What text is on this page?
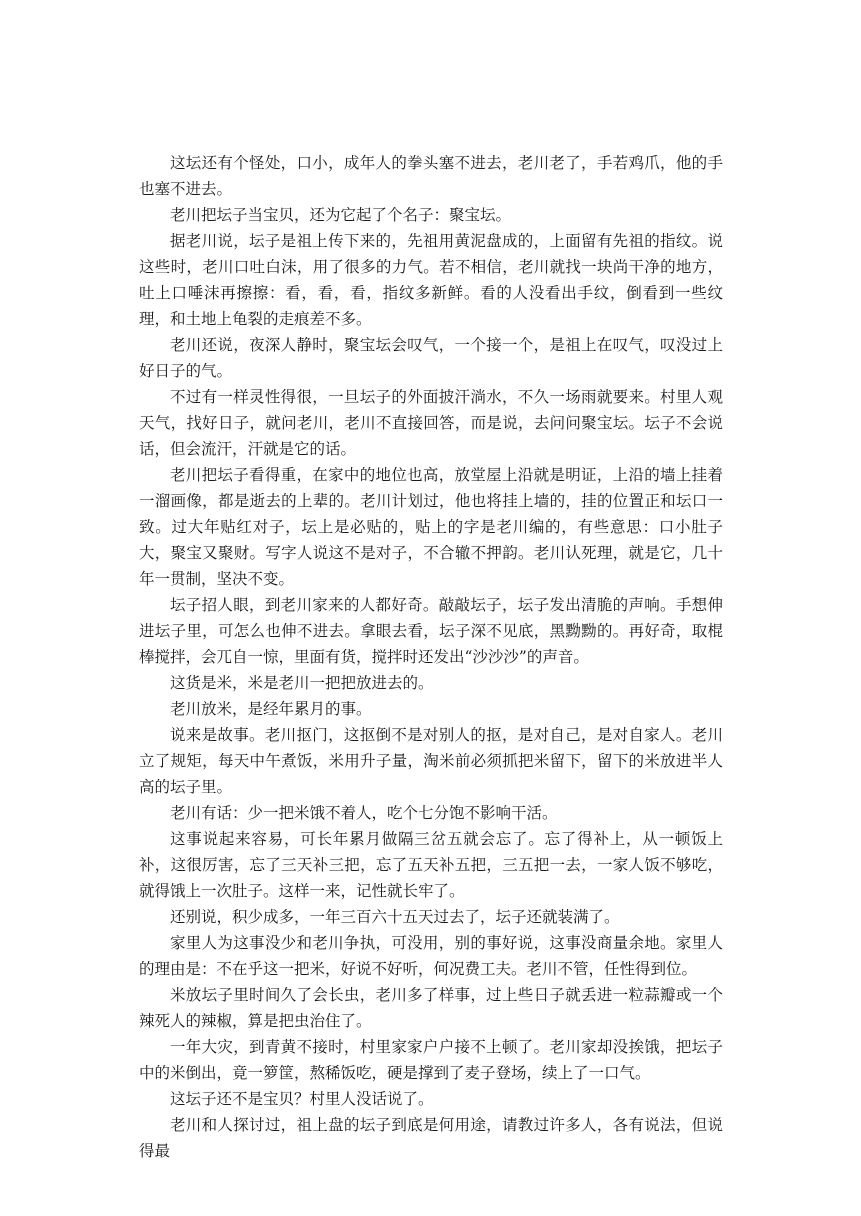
这坛还有个怪处，口小，成年人的拳头塞不进去，老川老了，手若鸡爪，他的手也塞不进去。

老川把坛子当宝贝，还为它起了个名子：聚宝坛。

据老川说，坛子是祖上传下来的，先祖用黄泥盘成的，上面留有先祖的指纹。说这些时，老川口吐白沫，用了很多的力气。若不相信，老川就找一块尚干净的地方，吐上口唾沫再擦擦：看，看，看，指纹多新鲜。看的人没看出手纹，倒看到一些纹理，和土地上龟裂的走痕差不多。

老川还说，夜深人静时，聚宝坛会叹气，一个接一个，是祖上在叹气，叹没过上好日子的气。

不过有一样灵性得很，一旦坛子的外面披汗淌水，不久一场雨就要来。村里人观天气，找好日子，就问老川，老川不直接回答，而是说，去问问聚宝坛。坛子不会说话，但会流汗，汗就是它的话。

老川把坛子看得重，在家中的地位也高，放堂屋上沿就是明证，上沿的墙上挂着一溜画像，都是逝去的上辈的。老川计划过，他也将挂上墙的，挂的位置正和坛口一致。过大年贴红对子，坛上是必贴的，贴上的字是老川编的，有些意思：口小肚子大，聚宝又聚财。写字人说这不是对子，不合辙不押韵。老川认死理，就是它，几十年一贯制，坚决不变。

坛子招人眼，到老川家来的人都好奇。敲敲坛子，坛子发出清脆的声响。手想伸进坛子里，可怎么也伸不进去。拿眼去看，坛子深不见底，黑黝黝的。再好奇，取棍棒搅拌，会兀自一惊，里面有货，搅拌时还发出“沙沙沙”的声音。

这货是米，米是老川一把把放进去的。

老川放米，是经年累月的事。

说来是故事。老川抠门，这抠倒不是对别人的抠，是对自己，是对自家人。老川立了规矩，每天中午煮饭，米用升子量，淘米前必须抓把米留下，留下的米放进半人高的坛子里。

老川有话：少一把米饿不着人，吃个七分饱不影响干活。

这事说起来容易，可长年累月做隔三岔五就会忘了。忘了得补上，从一顿饭上补，这很厉害，忘了三天补三把，忘了五天补五把，三五把一去，一家人饭不够吃，就得饿上一次肚子。这样一来，记性就长牢了。

还别说，积少成多，一年三百六十五天过去了，坛子还就装满了。

家里人为这事没少和老川争执，可没用，别的事好说，这事没商量余地。家里人的理由是：不在乎这一把米，好说不好听，何况费工夫。老川不管，任性得到位。

米放坛子里时间久了会长虫，老川多了样事，过上些日子就丢进一粒蒜瓣或一个辣死人的辣椒，算是把虫治住了。

一年大灾，到青黄不接时，村里家家户户接不上顿了。老川家却没挨饿，把坛子中的米倒出，竟一箩筐，熬稀饭吃，硬是撑到了麦子登场，续上了一口气。

这坛子还不是宝贝？村里人没话说了。

老川和人探讨过，祖上盘的坛子到底是何用途，请教过许多人，各有说法，但说得最
